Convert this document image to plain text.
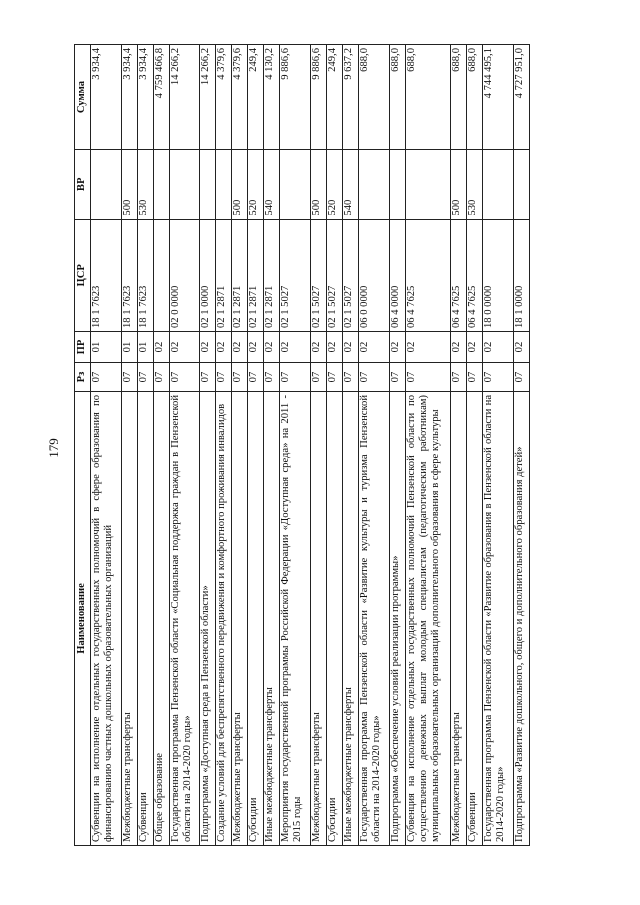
179
Наименование	Рз	ПР	ЦСР	ВР	Сумма
Субвенции на исполнение отдельных государственных полномочий в сфере образования по финансированию частных дошкольных образовательных организаций	07	01	18 1 7623		3 934,4
Межбюджетные трансферты	07	01	18 1 7623	500	3 934,4
Субвенции	07	01	18 1 7623	530	3 934,4
Общее образование	07	02			4 759 466,8
Государственная программа Пензенской области «Социальная поддержка граждан в Пензенской области на 2014-2020 годы»	07	02	02 0 0000		14 266,2
Подпрограмма «Доступная среда в Пензенской области»	07	02	02 1 0000		14 266,2
Создание условий для беспрепятственного передвижения и комфортного проживания инвалидов	07	02	02 1 2871		4 379,6
Межбюджетные трансферты	07	02	02 1 2871	500	4 379,6
Субсидии	07	02	02 1 2871	520	249,4
Иные межбюджетные трансферты	07	02	02 1 2871	540	4 130,2
Мероприятия государственной программы Российской Федерации «Доступная среда» на 2011 - 2015 годы	07	02	02 1 5027		9 886,6
Межбюджетные трансферты	07	02	02 1 5027	500	9 886,6
Субсидии	07	02	02 1 5027	520	249,4
Иные межбюджетные трансферты	07	02	02 1 5027	540	9 637,2
Государственная программа Пензенской области «Развитие культуры и туризма Пензенской области на 2014-2020 годы»	07	02	06 0 0000		688,0
Подпрограмма «Обеспечение условий реализации программы»	07	02	06 4 0000		688,0
Субвенция на исполнение отдельных государственных полномочий Пензенской области по осуществлению денежных выплат молодым специалистам (педагогическим работникам) муниципальных образовательных организаций дополнительного образования в сфере культуры	07	02	06 4 7625		688,0
Межбюджетные трансферты	07	02	06 4 7625	500	688,0
Субвенции	07	02	06 4 7625	530	688,0
Государственная программа Пензенской области «Развитие образования в Пензенской области на 2014-2020 годы»	07	02	18 0 0000		4 744 495,1
Подпрограмма «Развитие дошкольного, общего и дополнительного образования детей»	07	02	18 1 0000		4 727 951,0
